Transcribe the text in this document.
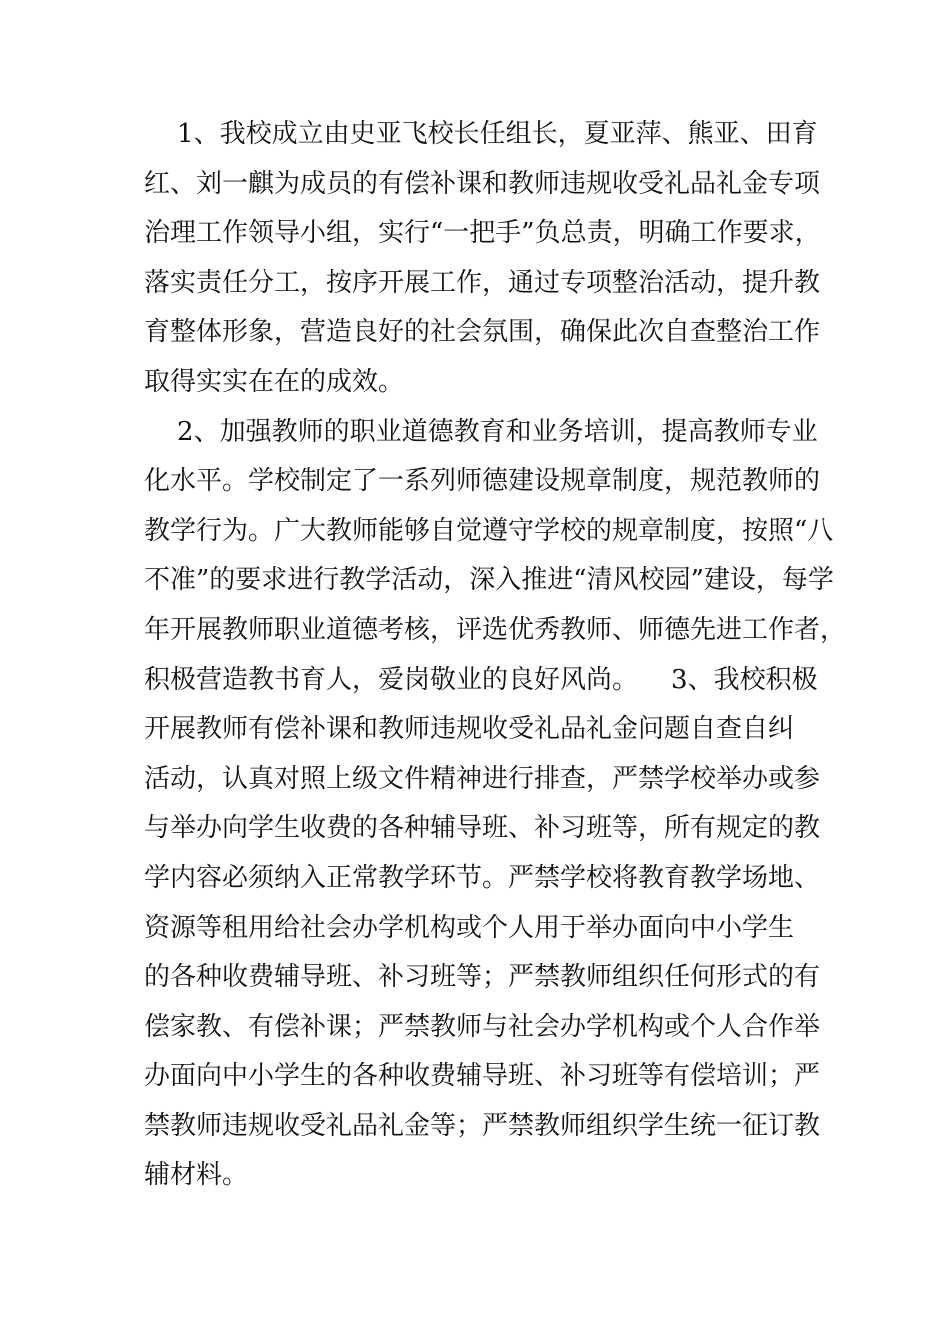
1、我校成立由史亚飞校长任组长，夏亚萍、熊亚、田育
红、刘一麒为成员的有偿补课和教师违规收受礼品礼金专项
治理工作领导小组，实行“一把手”负总责，明确工作要求，
落实责任分工，按序开展工作，通过专项整治活动，提升教
育整体形象，营造良好的社会氛围，确保此次自查整治工作
取得实实在在的成效。
2、加强教师的职业道德教育和业务培训，提高教师专业
化水平。学校制定了一系列师德建设规章制度，规范教师的
教学行为。广大教师能够自觉遵守学校的规章制度，按照“八
不准”的要求进行教学活动，深入推进“清风校园”建设，每学
年开展教师职业道德考核，评选优秀教师、师德先进工作者，
积极营造教书育人，爱岗敬业的良好风尚。    3、我校积极
开展教师有偿补课和教师违规收受礼品礼金问题自查自纠
活动，认真对照上级文件精神进行排查，严禁学校举办或参
与举办向学生收费的各种辅导班、补习班等，所有规定的教
学内容必须纳入正常教学环节。严禁学校将教育教学场地、
资源等租用给社会办学机构或个人用于举办面向中小学生
的各种收费辅导班、补习班等；严禁教师组织任何形式的有
偿家教、有偿补课；严禁教师与社会办学机构或个人合作举
办面向中小学生的各种收费辅导班、补习班等有偿培训；严
禁教师违规收受礼品礼金等；严禁教师组织学生统一征订教
辅材料。
